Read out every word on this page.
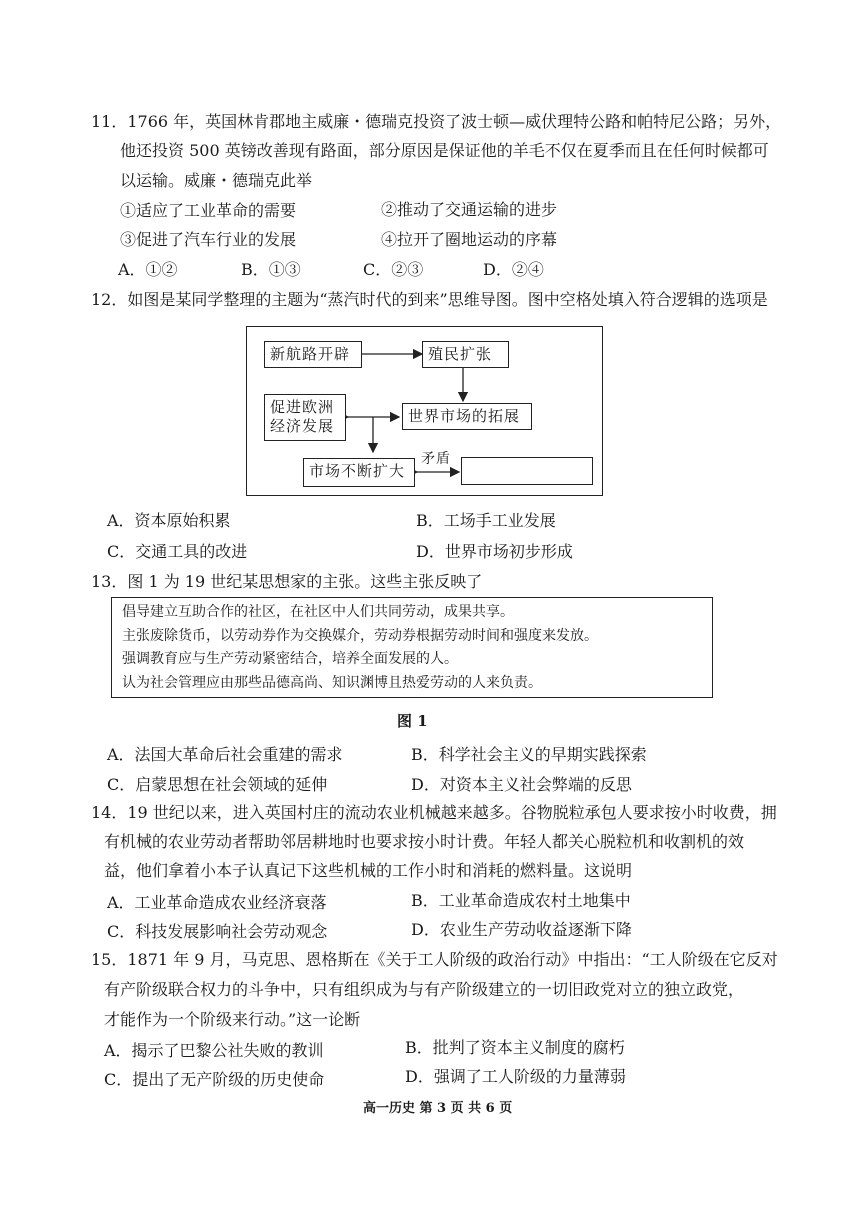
11．1766 年，英国林肯郡地主威廉・德瑞克投资了波士顿—威伏理特公路和帕特尼公路；另外，
他还投资 500 英镑改善现有路面，部分原因是保证他的羊毛不仅在夏季而且在任何时候都可
以运输。威廉・德瑞克此举
①适应了工业革命的需要	②推动了交通运输的进步
③促进了汽车行业的发展	④拉开了圈地运动的序幕
A．①②	B．①③	C．②③	D．②④
12．如图是某同学整理的主题为“蒸汽时代的到来”思维导图。图中空格处填入符合逻辑的选项是
新航路开辟	殖民扩张
促进欧洲
经济发展
世界市场的拓展
市场不断扩大
矛盾
A．资本原始积累	B．工场手工业发展
C．交通工具的改进	D．世界市场初步形成
13．图 1 为 19 世纪某思想家的主张。这些主张反映了
倡导建立互助合作的社区，在社区中人们共同劳动，成果共享。
主张废除货币，以劳动券作为交换媒介，劳动券根据劳动时间和强度来发放。
强调教育应与生产劳动紧密结合，培养全面发展的人。
认为社会管理应由那些品德高尚、知识渊博且热爱劳动的人来负责。
图 1
A．法国大革命后社会重建的需求	B．科学社会主义的早期实践探索
C．启蒙思想在社会领域的延伸	D．对资本主义社会弊端的反思
14．19 世纪以来，进入英国村庄的流动农业机械越来越多。谷物脱粒承包人要求按小时收费，拥
有机械的农业劳动者帮助邻居耕地时也要求按小时计费。年轻人都关心脱粒机和收割机的效
益，他们拿着小本子认真记下这些机械的工作小时和消耗的燃料量。这说明
A．工业革命造成农业经济衰落	B．工业革命造成农村土地集中
C．科技发展影响社会劳动观念	D．农业生产劳动收益逐渐下降
15．1871 年 9 月，马克思、恩格斯在《关于工人阶级的政治行动》中指出：“工人阶级在它反对
有产阶级联合权力的斗争中，只有组织成为与有产阶级建立的一切旧政党对立的独立政党，
才能作为一个阶级来行动。”这一论断
A．揭示了巴黎公社失败的教训	B．批判了资本主义制度的腐朽
C．提出了无产阶级的历史使命	D．强调了工人阶级的力量薄弱
高一历史 第 3 页 共 6 页
